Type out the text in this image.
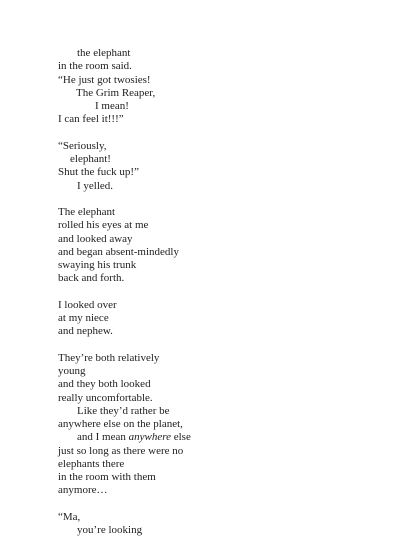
the elephant
in the room said.
“He just got twosies!
The Grim Reaper,
I mean!
I can feel it!!!”
“Seriously,
elephant!
Shut the fuck up!”
I yelled.
The elephant
rolled his eyes at me
and looked away
and began absent-mindedly
swaying his trunk
back and forth.
I looked over
at my niece
and nephew.
They’re both relatively
young
and they both looked
really uncomfortable.
Like they’d rather be
anywhere else on the planet,
and I mean anywhere else
just so long as there were no
elephants there
in the room with them
anymore…
“Ma,
you’re looking
